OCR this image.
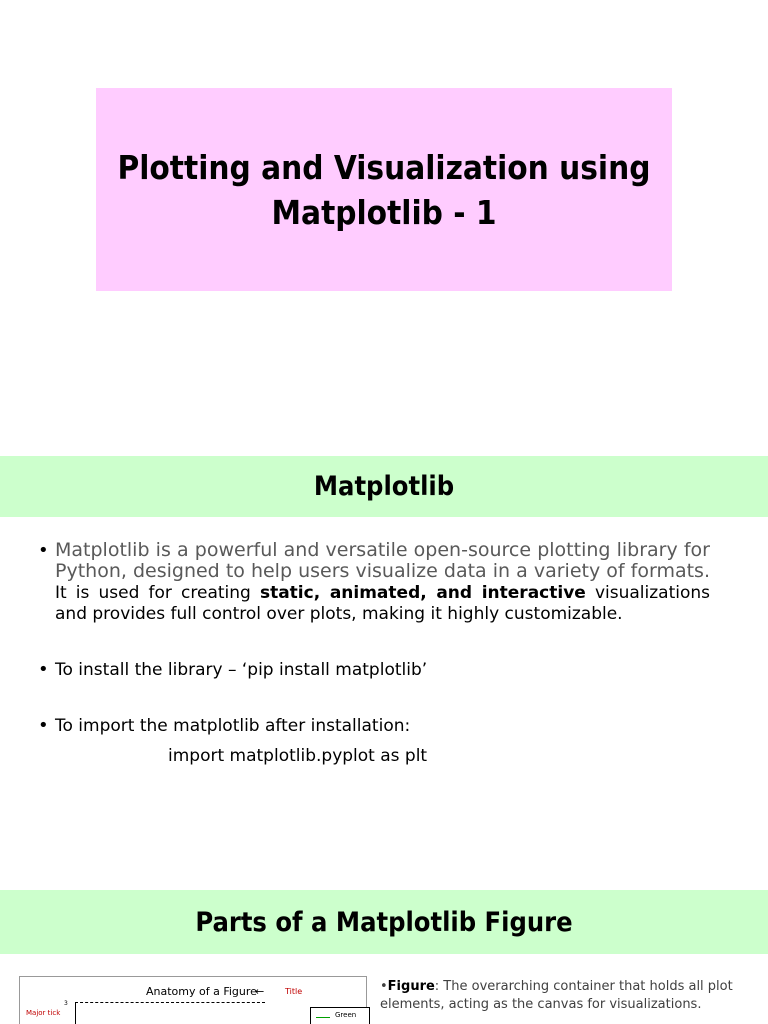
Plotting and Visualization using
Matplotlib - 1
Matplotlib
• Matplotlib is a powerful and versatile open-source plotting library for Python, designed to help users visualize data in a variety of formats. It is used for creating static, animated, and interactive visualizations and provides full control over plots, making it highly customizable.
• To install the library – ‘pip install matplotlib’
• To import the matplotlib after installation:
import matplotlib.pyplot as plt
Parts of a Matplotlib Figure
Anatomy of a Figure
←	Title
3
Major tick	Green
•Figure: The overarching container that holds all plot elements, acting as the canvas for visualizations.
